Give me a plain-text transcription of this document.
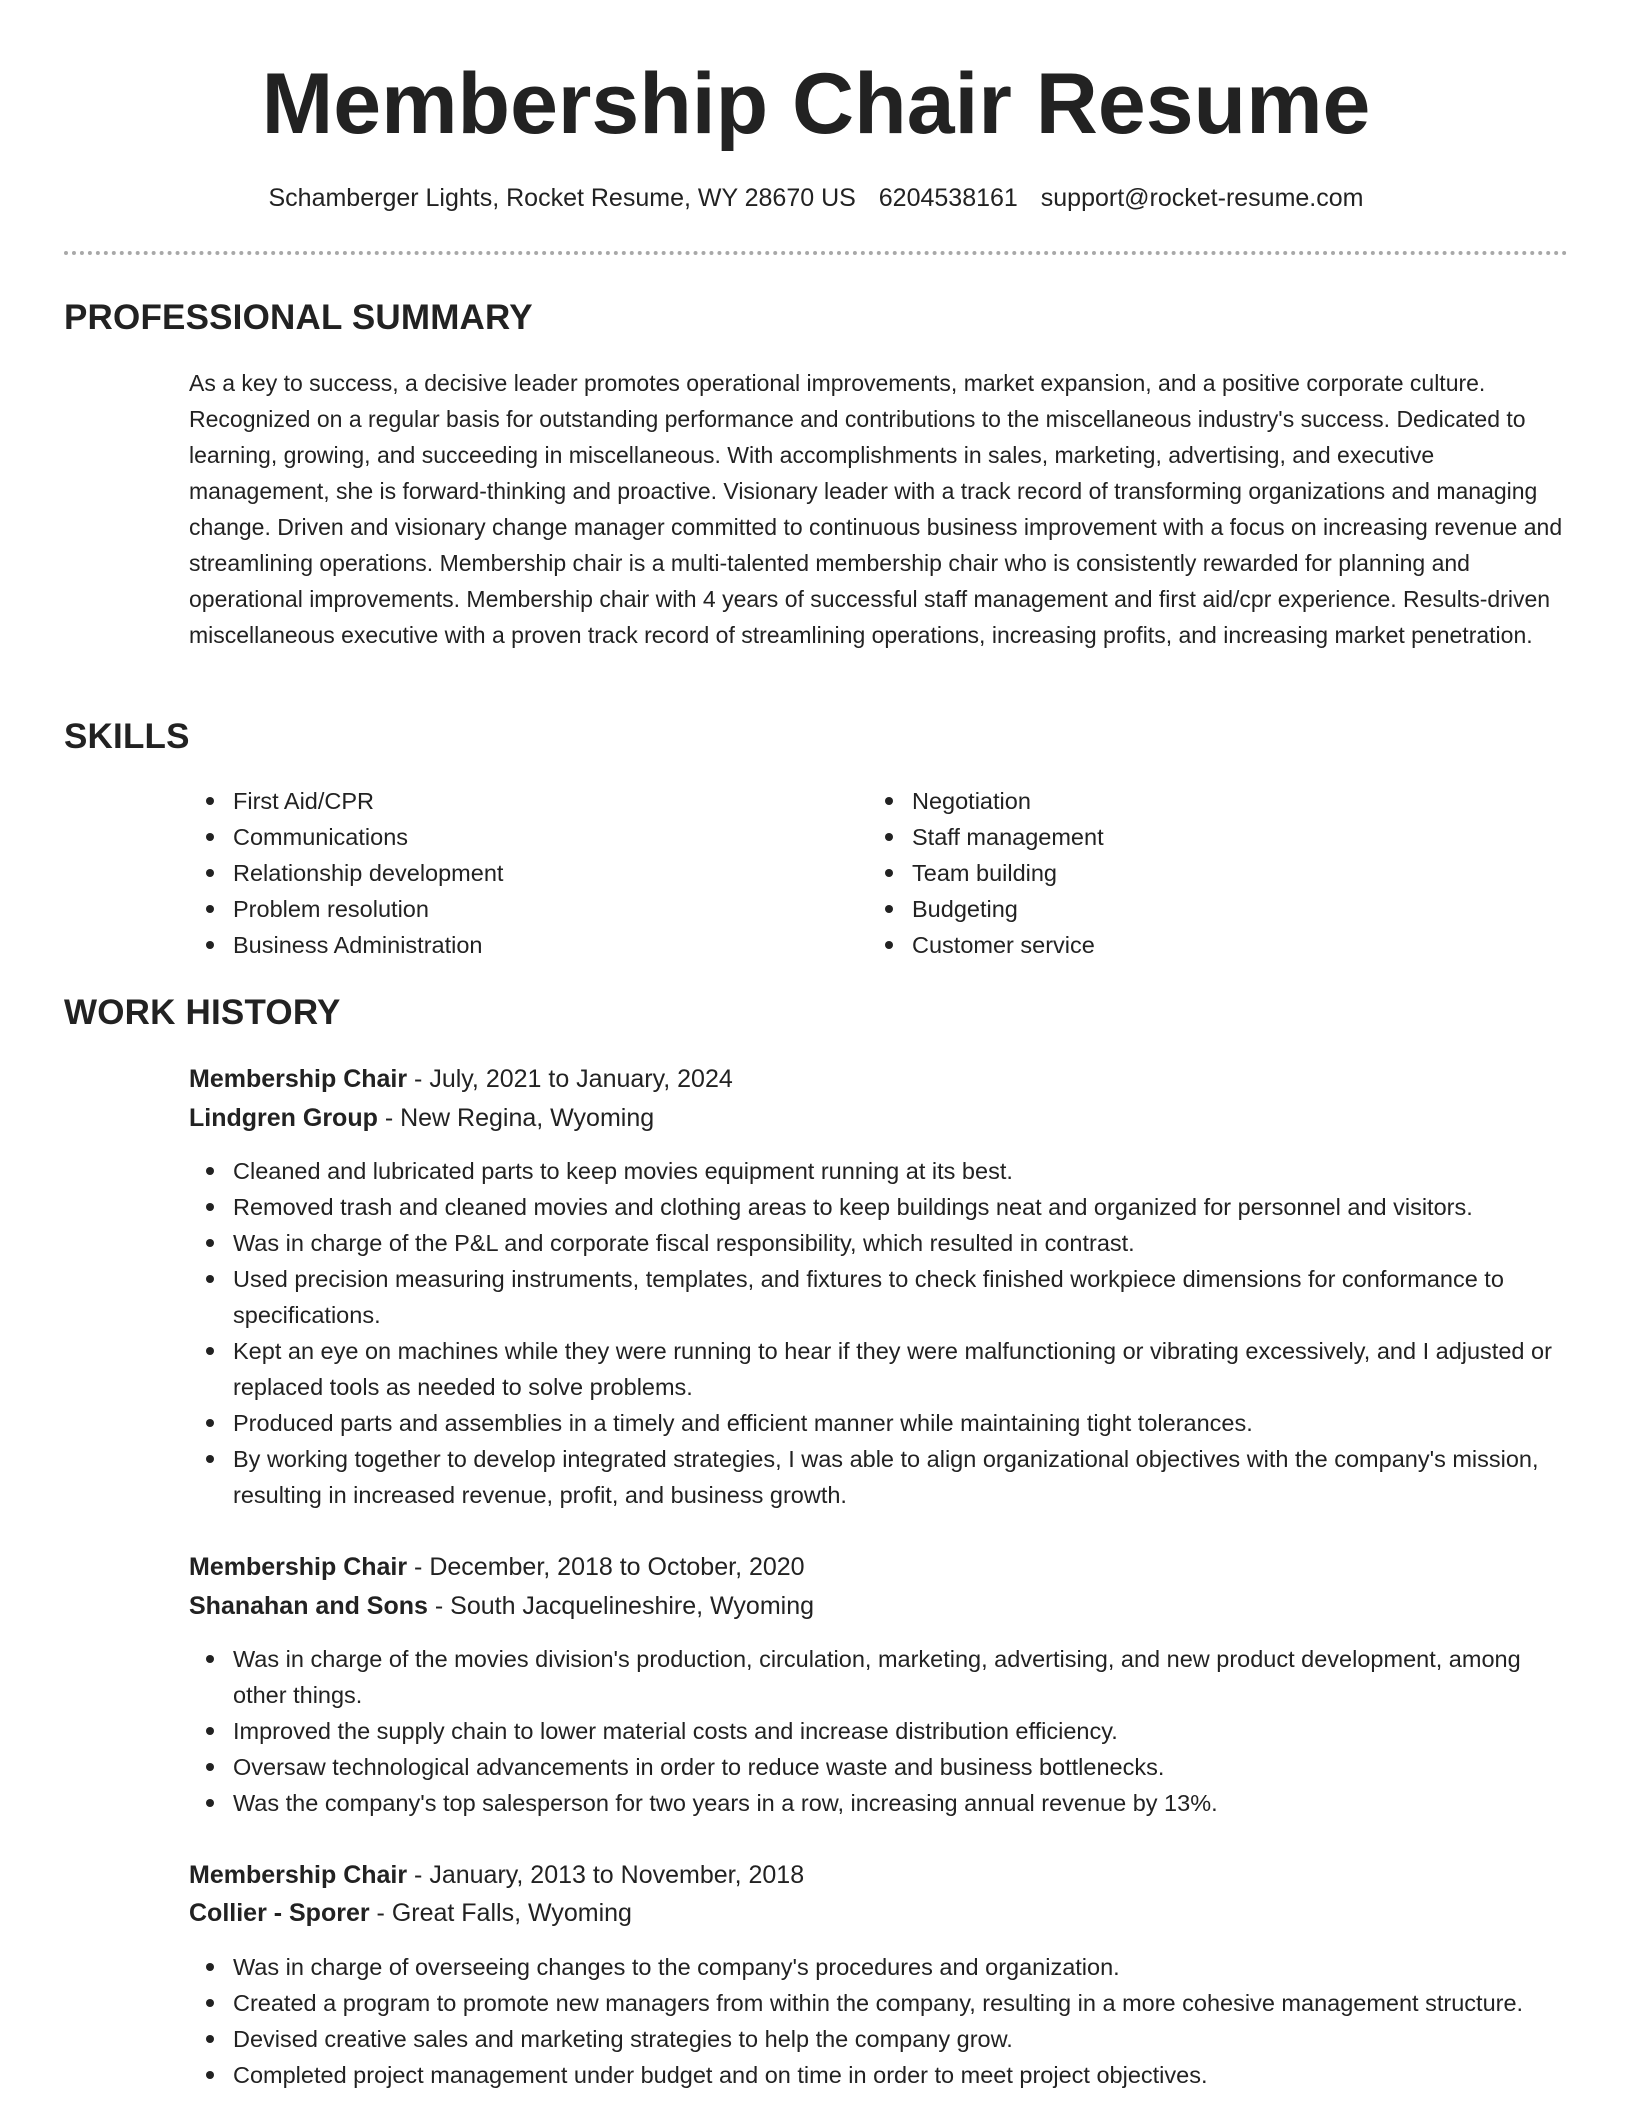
Membership Chair Resume
Schamberger Lights, Rocket Resume, WY 28670 US 6204538161 support@rocket-resume.com
PROFESSIONAL SUMMARY
As a key to success, a decisive leader promotes operational improvements, market expansion, and a positive corporate culture. Recognized on a regular basis for outstanding performance and contributions to the miscellaneous industry's success. Dedicated to learning, growing, and succeeding in miscellaneous. With accomplishments in sales, marketing, advertising, and executive management, she is forward-thinking and proactive. Visionary leader with a track record of transforming organizations and managing change. Driven and visionary change manager committed to continuous business improvement with a focus on increasing revenue and streamlining operations. Membership chair is a multi-talented membership chair who is consistently rewarded for planning and operational improvements. Membership chair with 4 years of successful staff management and first aid/cpr experience. Results-driven miscellaneous executive with a proven track record of streamlining operations, increasing profits, and increasing market penetration.
SKILLS
First Aid/CPR
Communications
Relationship development
Problem resolution
Business Administration
Negotiation
Staff management
Team building
Budgeting
Customer service
WORK HISTORY
Membership Chair - July, 2021 to January, 2024
Lindgren Group - New Regina, Wyoming
Cleaned and lubricated parts to keep movies equipment running at its best.
Removed trash and cleaned movies and clothing areas to keep buildings neat and organized for personnel and visitors.
Was in charge of the P&L and corporate fiscal responsibility, which resulted in contrast.
Used precision measuring instruments, templates, and fixtures to check finished workpiece dimensions for conformance to specifications.
Kept an eye on machines while they were running to hear if they were malfunctioning or vibrating excessively, and I adjusted or replaced tools as needed to solve problems.
Produced parts and assemblies in a timely and efficient manner while maintaining tight tolerances.
By working together to develop integrated strategies, I was able to align organizational objectives with the company's mission, resulting in increased revenue, profit, and business growth.
Membership Chair - December, 2018 to October, 2020
Shanahan and Sons - South Jacquelineshire, Wyoming
Was in charge of the movies division's production, circulation, marketing, advertising, and new product development, among other things.
Improved the supply chain to lower material costs and increase distribution efficiency.
Oversaw technological advancements in order to reduce waste and business bottlenecks.
Was the company's top salesperson for two years in a row, increasing annual revenue by 13%.
Membership Chair - January, 2013 to November, 2018
Collier - Sporer - Great Falls, Wyoming
Was in charge of overseeing changes to the company's procedures and organization.
Created a program to promote new managers from within the company, resulting in a more cohesive management structure.
Devised creative sales and marketing strategies to help the company grow.
Completed project management under budget and on time in order to meet project objectives.
